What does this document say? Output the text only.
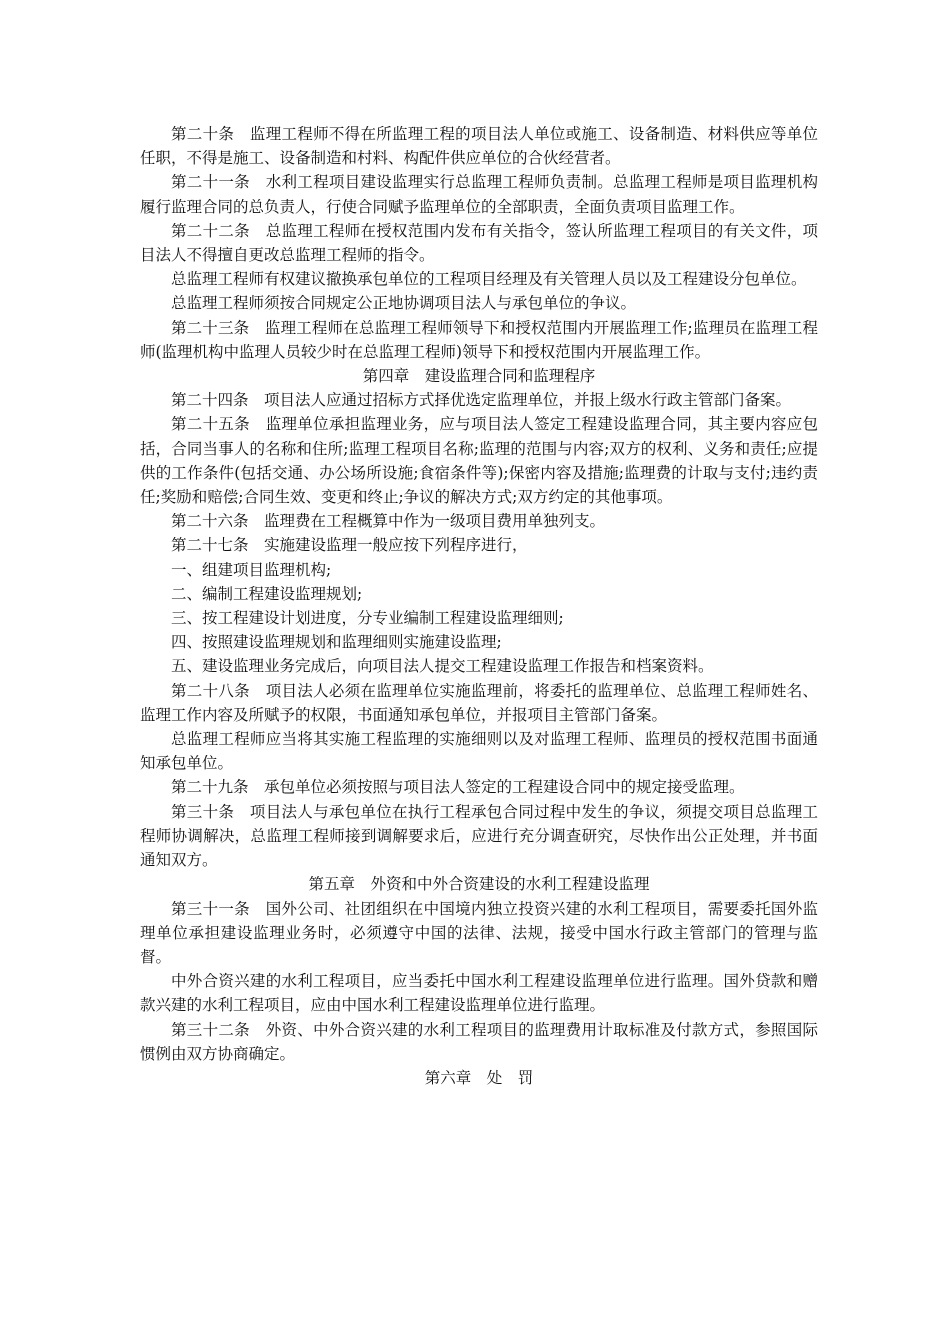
第二十条　监理工程师不得在所监理工程的项目法人单位或施工、设备制造、材料供应等单位任职，不得是施工、设备制造和村料、构配件供应单位的合伙经营者。

第二十一条　水利工程项目建设监理实行总监理工程师负责制。总监理工程师是项目监理机构履行监理合同的总负责人，行使合同赋予监理单位的全部职责，全面负责项目监理工作。

第二十二条　总监理工程师在授权范围内发布有关指令，签认所监理工程项目的有关文件，项目法人不得擅自更改总监理工程师的指令。

总监理工程师有权建议撤换承包单位的工程项目经理及有关管理人员以及工程建设分包单位。

总监理工程师须按合同规定公正地协调项目法人与承包单位的争议。

第二十三条　监理工程师在总监理工程师领导下和授权范围内开展监理工作;监理员在监理工程师(监理机构中监理人员较少时在总监理工程师)领导下和授权范围内开展监理工作。

第四章　建设监理合同和监理程序

第二十四条　项目法人应通过招标方式择优选定监理单位，并报上级水行政主管部门备案。

第二十五条　监理单位承担监理业务，应与项目法人签定工程建设监理合同，其主要内容应包括，合同当事人的名称和住所;监理工程项目名称;监理的范围与内容;双方的权利、义务和责任;应提供的工作条件(包括交通、办公场所设施;食宿条件等);保密内容及措施;监理费的计取与支付;违约责任;奖励和赔偿;合同生效、变更和终止;争议的解决方式;双方约定的其他事项。

第二十六条　监理费在工程概算中作为一级项目费用单独列支。

第二十七条　实施建设监理一般应按下列程序进行，

一、组建项目监理机构;

二、编制工程建设监理规划;

三、按工程建设计划进度，分专业编制工程建设监理细则;

四、按照建设监理规划和监理细则实施建设监理;

五、建设监理业务完成后，向项目法人提交工程建设监理工作报告和档案资料。

第二十八条　项目法人必须在监理单位实施监理前，将委托的监理单位、总监理工程师姓名、监理工作内容及所赋予的权限，书面通知承包单位，并报项目主管部门备案。

总监理工程师应当将其实施工程监理的实施细则以及对监理工程师、监理员的授权范围书面通知承包单位。

第二十九条　承包单位必须按照与项目法人签定的工程建设合同中的规定接受监理。

第三十条　项目法人与承包单位在执行工程承包合同过程中发生的争议，须提交项目总监理工程师协调解决，总监理工程师接到调解要求后，应进行充分调查研究，尽快作出公正处理，并书面通知双方。

第五章　外资和中外合资建设的水利工程建设监理

第三十一条　国外公司、社团组织在中国境内独立投资兴建的水利工程项目，需要委托国外监理单位承担建设监理业务时，必须遵守中国的法律、法规，接受中国水行政主管部门的管理与监督。

中外合资兴建的水利工程项目，应当委托中国水利工程建设监理单位进行监理。国外贷款和赠款兴建的水利工程项目，应由中国水利工程建设监理单位进行监理。

第三十二条　外资、中外合资兴建的水利工程项目的监理费用计取标准及付款方式，参照国际惯例由双方协商确定。

第六章　处　罚
